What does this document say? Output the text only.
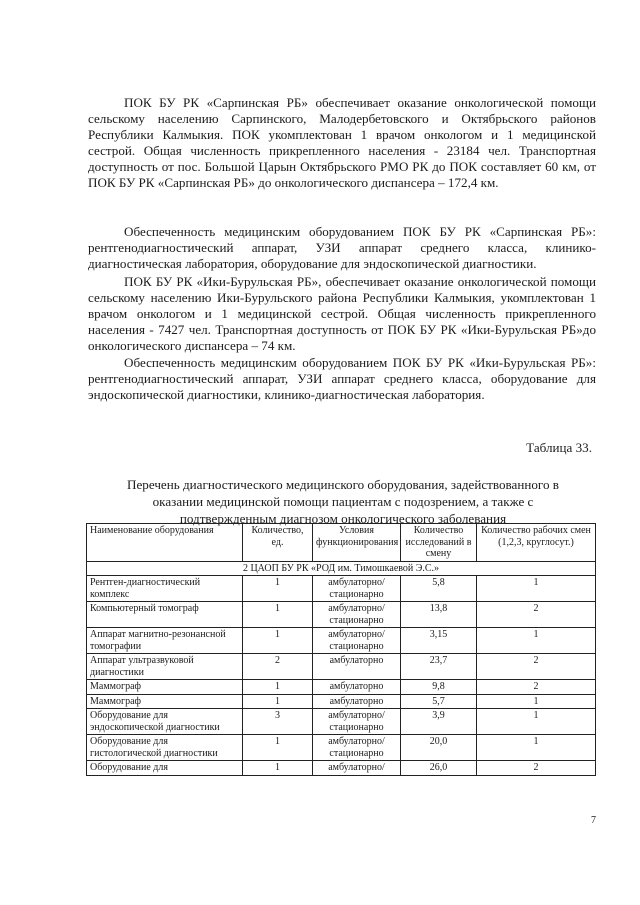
ПОК БУ РК «Сарпинская РБ» обеспечивает оказание онкологической помощи сельскому населению Сарпинского, Малодербетовского и Октябрьского районов Республики Калмыкия. ПОК укомплектован 1 врачом онкологом и 1 медицинской сестрой. Общая численность прикрепленного населения - 23184 чел. Транспортная доступность от пос. Большой Царын Октябрьского РМО РК до ПОК составляет 60 км, от ПОК БУ РК «Сарпинская РБ» до онкологического диспансера – 172,4 км.

Обеспеченность медицинским оборудованием ПОК БУ РК «Сарпинская РБ»: рентгенодиагностический аппарат, УЗИ аппарат среднего класса, клинико-диагностическая лаборатория, оборудование для эндоскопической диагностики.

ПОК БУ РК «Ики-Бурульская РБ», обеспечивает оказание онкологической помощи сельскому населению Ики-Бурульского района Республики Калмыкия, укомплектован 1 врачом онкологом и 1 медицинской сестрой. Общая численность прикрепленного населения - 7427 чел. Транспортная доступность от ПОК БУ РК «Ики-Бурульская РБ»до онкологического диспансера – 74 км.

Обеспеченность медицинским оборудованием ПОК БУ РК «Ики-Бурульская РБ»: рентгенодиагностический аппарат, УЗИ аппарат среднего класса, оборудование для эндоскопической диагностики, клинико-диагностическая лаборатория.

Таблица 33.
Перечень диагностического медицинского оборудования, задействованного в
оказании медицинской помощи пациентам с подозрением, а также с
подтвержденным диагнозом онкологического заболевания
Наименование оборудования	Количество, ед.	Условия функционирования	Количество исследований в смену	Количество рабочих смен (1,2,3, круглосут.)
2 ЦАОП БУ РК «РОД им. Тимошкаевой Э.С.»				
Рентген-диагностический комплекс	1	амбулаторно/ стационарно	5,8	1
Компьютерный томограф	1	амбулаторно/ стационарно	13,8	2
Аппарат магнитно-резонансной томографии	1	амбулаторно/ стационарно	3,15	1
Аппарат ультразвуковой диагностики	2	амбулаторно	23,7	2
Маммограф	1	амбулаторно	9,8	2
Маммограф	1	амбулаторно	5,7	1
Оборудование для эндоскопической диагностики	3	амбулаторно/ стационарно	3,9	1
Оборудование для гистологической диагностики	1	амбулаторно/ стационарно	20,0	1
Оборудование для	1	амбулаторно/	26,0	2
7
